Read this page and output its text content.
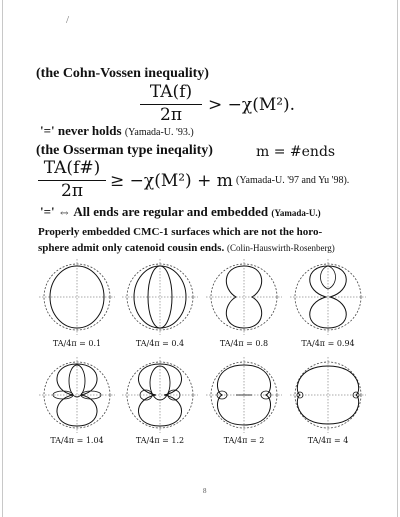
/
(the Cohn-Vossen inequality)
TA(f)
2π	> −χ(M²).
'=' never holds (Yamada-U. '93.)
(the Osserman type ineqality)	m = #ends
TA(f#)
2π	≥ −χ(M²) + m (Yamada-U. '97 and Yu '98).
'=' ⇔ All ends are regular and embedded (Yamada-U.)
Properly embedded CMC-1 surfaces which are not the horo-
sphere admit only catenoid cousin ends. (Colin-Hauswirth-Rosenberg)
TA/4π = 0.1	TA/4π = 0.4	TA/4π = 0.8	TA/4π = 0.94
TA/4π = 1.04	TA/4π = 1.2	TA/4π = 2	TA/4π = 4
8
